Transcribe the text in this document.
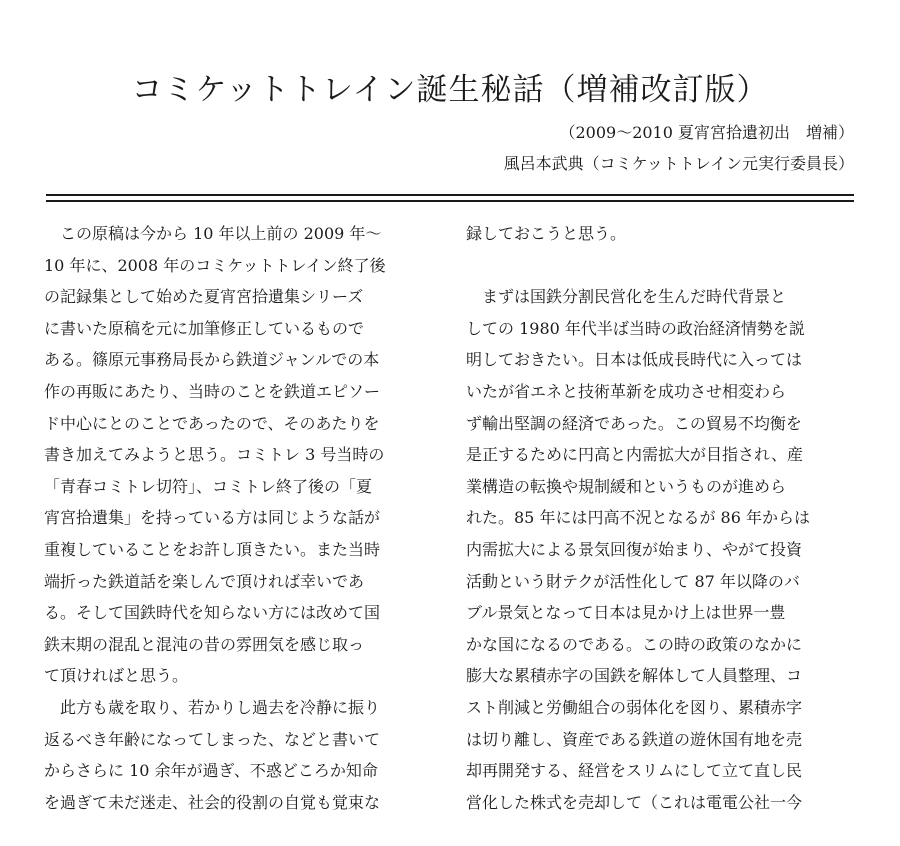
コミケットトレイン誕生秘話（増補改訂版）
（2009～2010 夏宵宮拾遺初出　増補）
風呂本武典（コミケットトレイン元実行委員長）
　この原稿は今から 10 年以上前の 2009 年～
10 年に、2008 年のコミケットトレイン終了後
の記録集として始めた夏宵宮拾遺集シリーズ
に書いた原稿を元に加筆修正しているもので
ある。篠原元事務局長から鉄道ジャンルでの本
作の再販にあたり、当時のことを鉄道エピソー
ド中心にとのことであったので、そのあたりを
書き加えてみようと思う。コミトレ 3 号当時の
「青春コミトレ切符」、コミトレ終了後の「夏
宵宮拾遺集」を持っている方は同じような話が
重複していることをお許し頂きたい。また当時
端折った鉄道話を楽しんで頂ければ幸いであ
る。そして国鉄時代を知らない方には改めて国
鉄末期の混乱と混沌の昔の雰囲気を感じ取っ
て頂ければと思う。
　此方も歳を取り、若かりし過去を冷静に振り
返るべき年齢になってしまった、などと書いて
からさらに 10 余年が過ぎ、不惑どころか知命
を過ぎて未だ迷走、社会的役割の自覚も覚束な
録しておこうと思う。
　まずは国鉄分割民営化を生んだ時代背景と
しての 1980 年代半ば当時の政治経済情勢を説
明しておきたい。日本は低成長時代に入っては
いたが省エネと技術革新を成功させ相変わら
ず輸出堅調の経済であった。この貿易不均衡を
是正するために円高と内需拡大が目指され、産
業構造の転換や規制緩和というものが進めら
れた。85 年には円高不況となるが 86 年からは
内需拡大による景気回復が始まり、やがて投資
活動という財テクが活性化して 87 年以降のバ
ブル景気となって日本は見かけ上は世界一豊
かな国になるのである。この時の政策のなかに
膨大な累積赤字の国鉄を解体して人員整理、コ
スト削減と労働組合の弱体化を図り、累積赤字
は切り離し、資産である鉄道の遊休国有地を売
却再開発する、経営をスリムにして立て直し民
営化した株式を売却して（これは電電公社一今
